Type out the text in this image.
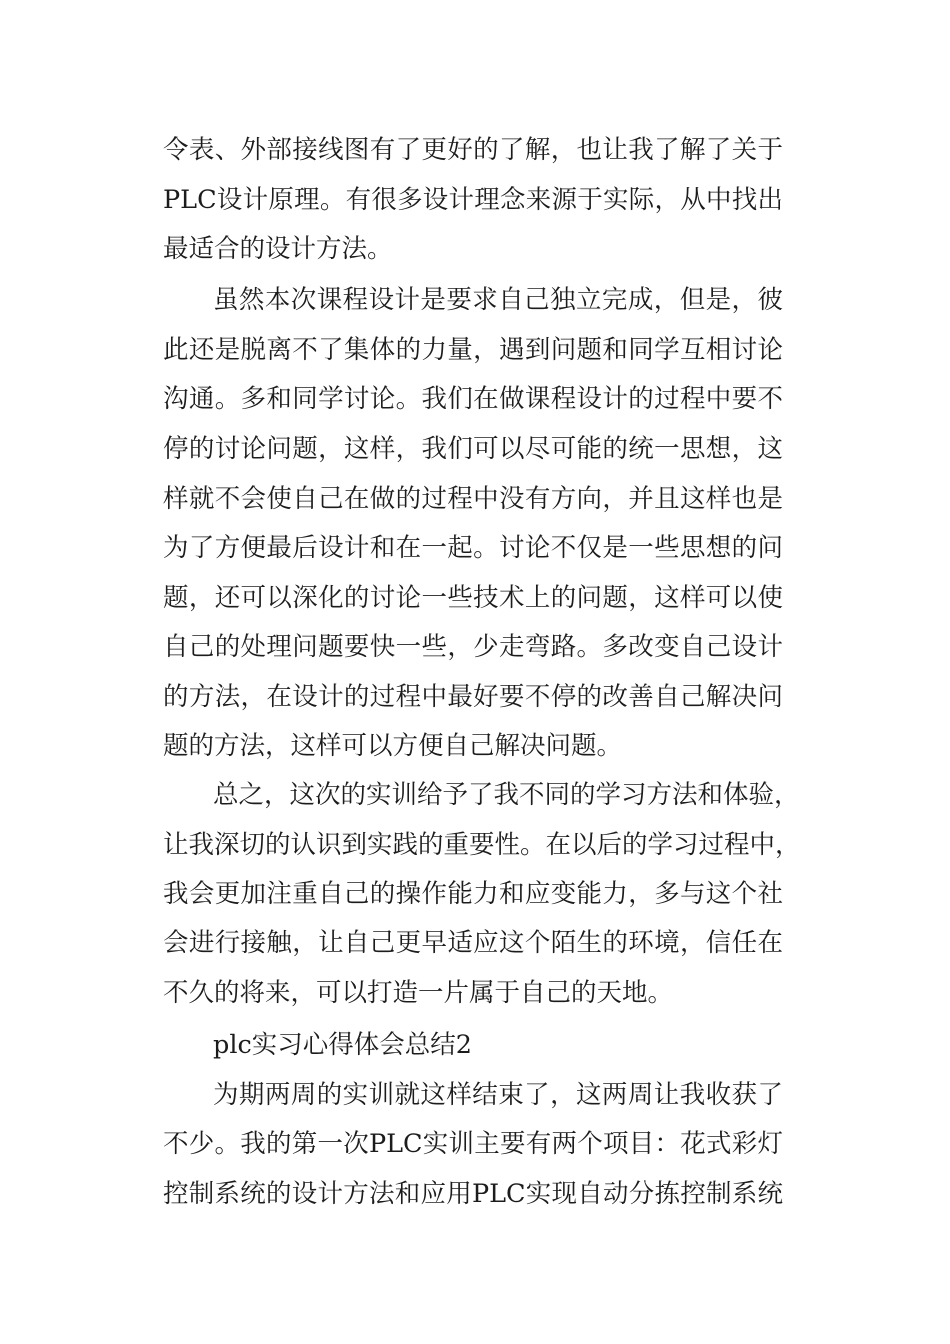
令表、外部接线图有了更好的了解，也让我了解了关于
PLC设计原理。有很多设计理念来源于实际，从中找出
最适合的设计方法。
虽然本次课程设计是要求自己独立完成，但是，彼
此还是脱离不了集体的力量，遇到问题和同学互相讨论
沟通。多和同学讨论。我们在做课程设计的过程中要不
停的讨论问题，这样，我们可以尽可能的统一思想，这
样就不会使自己在做的过程中没有方向，并且这样也是
为了方便最后设计和在一起。讨论不仅是一些思想的问
题，还可以深化的讨论一些技术上的问题，这样可以使
自己的处理问题要快一些，少走弯路。多改变自己设计
的方法，在设计的过程中最好要不停的改善自己解决问
题的方法，这样可以方便自己解决问题。
总之，这次的实训给予了我不同的学习方法和体验，
让我深切的认识到实践的重要性。在以后的学习过程中，
我会更加注重自己的操作能力和应变能力，多与这个社
会进行接触，让自己更早适应这个陌生的环境，信任在
不久的将来，可以打造一片属于自己的天地。
plc实习心得体会总结2
为期两周的实训就这样结束了，这两周让我收获了
不少。我的第一次PLC实训主要有两个项目：花式彩灯
控制系统的设计方法和应用PLC实现自动分拣控制系统
